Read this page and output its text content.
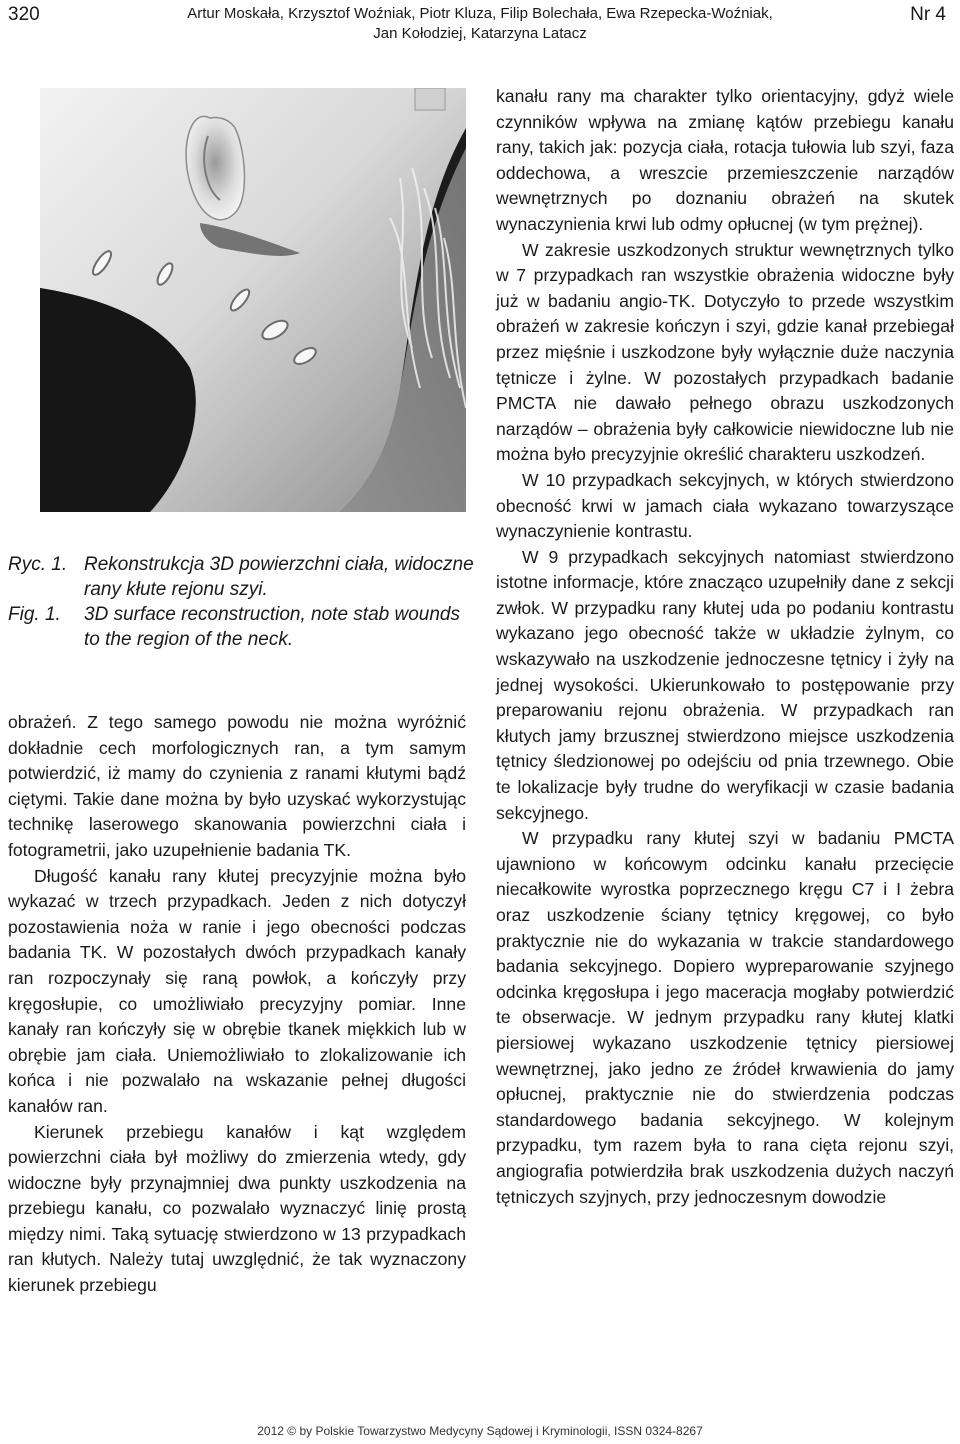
320	Artur Moskała, Krzysztof Woźniak, Piotr Kluza, Filip Bolechała, Ewa Rzepecka-Woźniak,
Jan Kołodziej, Katarzyna Latacz
Nr 4
TL
Ryc. 1. Rekonstrukcja 3D powierzchni ciała, widoczne rany kłute rejonu szyi.
Fig. 1.	3D surface reconstruction, note stab wounds to the region of the neck.

obrażeń. Z tego samego powodu nie można wyróżnić dokładnie cech morfologicznych ran, a tym samym potwierdzić, iż mamy do czynienia z ranami kłutymi bądź ciętymi. Takie dane można by było uzyskać wykorzystując technikę laserowego skanowania powierzchni ciała i fotogrametrii, jako uzupełnienie badania TK.

Długość kanału rany kłutej precyzyjnie można było wykazać w trzech przypadkach. Jeden z nich dotyczył pozostawienia noża w ranie i jego obecności podczas badania TK. W pozostałych dwóch przypadkach kanały ran rozpoczynały się raną powłok, a kończyły przy kręgosłupie, co umożliwiało precyzyjny pomiar. Inne kanały ran kończyły się w obrębie tkanek miękkich lub w obrębie jam ciała. Uniemożliwiało to zlokalizowanie ich końca i nie pozwalało na wskazanie pełnej długości kanałów ran.

Kierunek przebiegu kanałów i kąt względem powierzchni ciała był możliwy do zmierzenia wtedy, gdy widoczne były przynajmniej dwa punkty uszkodzenia na przebiegu kanału, co pozwalało wyznaczyć linię prostą między nimi. Taką sytuację stwierdzono w 13 przypadkach ran kłutych. Należy tutaj uwzględnić, że tak wyznaczony kierunek przebiegu

kanału rany ma charakter tylko orientacyjny, gdyż wiele czynników wpływa na zmianę kątów przebiegu kanału rany, takich jak: pozycja ciała, rotacja tułowia lub szyi, faza oddechowa, a wreszcie przemieszczenie narządów wewnętrznych po doznaniu obrażeń na skutek wynaczynienia krwi lub odmy opłucnej (w tym prężnej).

W zakresie uszkodzonych struktur wewnętrznych tylko w 7 przypadkach ran wszystkie obrażenia widoczne były już w badaniu angio-TK. Dotyczyło to przede wszystkim obrażeń w zakresie kończyn i szyi, gdzie kanał przebiegał przez mięśnie i uszkodzone były wyłącznie duże naczynia tętnicze i żylne. W pozostałych przypadkach badanie PMCTA nie dawało pełnego obrazu uszkodzonych narządów – obrażenia były całkowicie niewidoczne lub nie można było precyzyjnie określić charakteru uszkodzeń.

W 10 przypadkach sekcyjnych, w których stwierdzono obecność krwi w jamach ciała wykazano towarzyszące wynaczynienie kontrastu.

W 9 przypadkach sekcyjnych natomiast stwierdzono istotne informacje, które znacząco uzupełniły dane z sekcji zwłok. W przypadku rany kłutej uda po podaniu kontrastu wykazano jego obecność także w układzie żylnym, co wskazywało na uszkodzenie jednoczesne tętnicy i żyły na jednej wysokości. Ukierunkowało to postępowanie przy preparowaniu rejonu obrażenia. W przypadkach ran kłutych jamy brzusznej stwierdzono miejsce uszkodzenia tętnicy śledzionowej po odejściu od pnia trzewnego. Obie te lokalizacje były trudne do weryfikacji w czasie badania sekcyjnego.

W przypadku rany kłutej szyi w badaniu PMCTA ujawniono w końcowym odcinku kanału przecięcie niecałkowite wyrostka poprzecznego kręgu C7 i I żebra oraz uszkodzenie ściany tętnicy kręgowej, co było praktycznie nie do wykazania w trakcie standardowego badania sekcyjnego. Dopiero wypreparowanie szyjnego odcinka kręgosłupa i jego maceracja mogłaby potwierdzić te obserwacje. W jednym przypadku rany kłutej klatki piersiowej wykazano uszkodzenie tętnicy piersiowej wewnętrznej, jako jedno ze źródeł krwawienia do jamy opłucnej, praktycznie nie do stwierdzenia podczas standardowego badania sekcyjnego. W kolejnym przypadku, tym razem była to rana cięta rejonu szyi, angiografia potwierdziła brak uszkodzenia dużych naczyń tętniczych szyjnych, przy jednoczesnym dowodzie

2012 © by Polskie Towarzystwo Medycyny Sądowej i Kryminologii, ISSN 0324-8267
